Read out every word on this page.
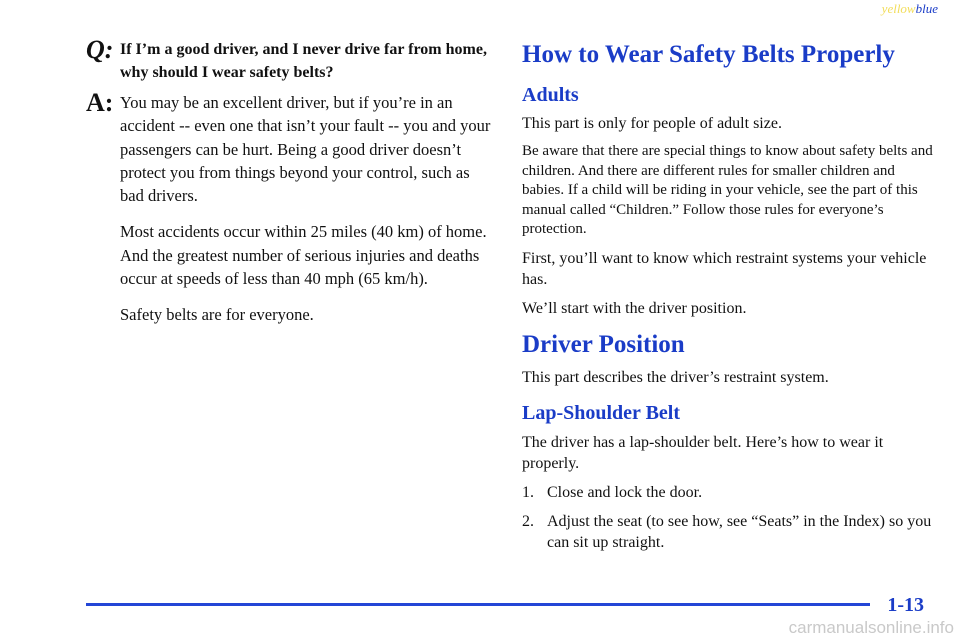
yellowblue
Q: If I’m a good driver, and I never drive far from home, why should I wear safety belts?
A: You may be an excellent driver, but if you’re in an accident -- even one that isn’t your fault -- you and your passengers can be hurt. Being a good driver doesn’t protect you from things beyond your control, such as bad drivers.
Most accidents occur within 25 miles (40 km) of home. And the greatest number of serious injuries and deaths occur at speeds of less than 40 mph (65 km/h).
Safety belts are for everyone.
How to Wear Safety Belts Properly
Adults

This part is only for people of adult size.

Be aware that there are special things to know about safety belts and children. And there are different rules for smaller children and babies. If a child will be riding in your vehicle, see the part of this manual called “Children.” Follow those rules for everyone’s protection.

First, you’ll want to know which restraint systems your vehicle has.

We’ll start with the driver position.

Driver Position

This part describes the driver’s restraint system.

Lap-Shoulder Belt

The driver has a lap-shoulder belt. Here’s how to wear it properly.

1. Close and lock the door.
2. Adjust the seat (to see how, see “Seats” in the Index) so you can sit up straight.
1-13
carmanualsonline.info
